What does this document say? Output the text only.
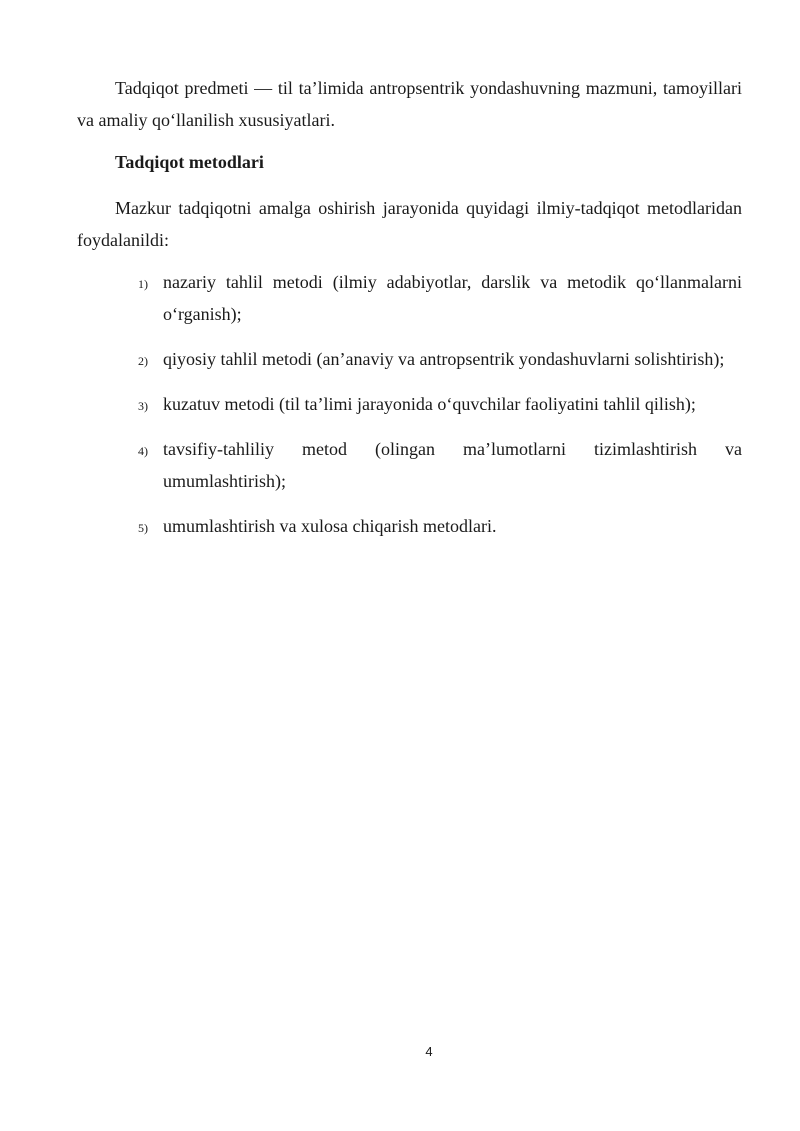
Tadqiqot predmeti — til ta’limida antropsentrik yondashuvning mazmuni, tamoyillari va amaliy qo‘llanilish xususiyatlari.

Tadqiqot metodlari

Mazkur tadqiqotni amalga oshirish jarayonida quyidagi ilmiy-tadqiqot metodlaridan foydalanildi:

1) nazariy tahlil metodi (ilmiy adabiyotlar, darslik va metodik qo‘llanmalarni o‘rganish);
2) qiyosiy tahlil metodi (an’anaviy va antropsentrik yondashuvlarni solishtirish);
3) kuzatuv metodi (til ta’limi jarayonida o‘quvchilar faoliyatini tahlil qilish);
4) tavsifiy-tahliliy metod (olingan ma’lumotlarni tizimlashtirish va umumlashtirish);
5) umumlashtirish va xulosa chiqarish metodlari.
4
